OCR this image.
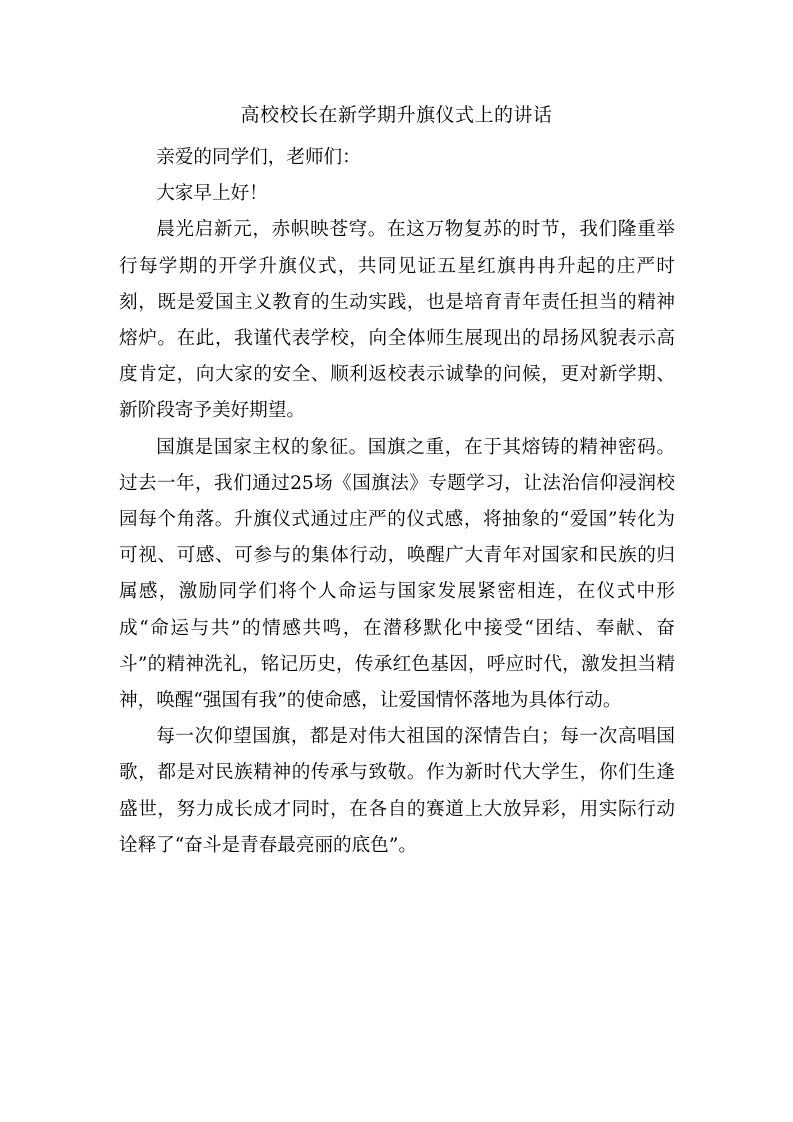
高校校长在新学期升旗仪式上的讲话

亲爱的同学们，老师们：

大家早上好！

晨光启新元，赤帜映苍穹。在这万物复苏的时节，我们隆重举行每学期的开学升旗仪式，共同见证五星红旗冉冉升起的庄严时刻，既是爱国主义教育的生动实践，也是培育青年责任担当的精神熔炉。在此，我谨代表学校，向全体师生展现出的昂扬风貌表示高度肯定，向大家的安全、顺利返校表示诚挚的问候，更对新学期、新阶段寄予美好期望。

国旗是国家主权的象征。国旗之重，在于其熔铸的精神密码。过去一年，我们通过25场《国旗法》专题学习，让法治信仰浸润校园每个角落。升旗仪式通过庄严的仪式感，将抽象的“爱国”转化为可视、可感、可参与的集体行动，唤醒广大青年对国家和民族的归属感，激励同学们将个人命运与国家发展紧密相连，在仪式中形成“命运与共”的情感共鸣，在潜移默化中接受“团结、奉献、奋斗”的精神洗礼，铭记历史，传承红色基因，呼应时代，激发担当精神，唤醒“强国有我”的使命感，让爱国情怀落地为具体行动。

每一次仰望国旗，都是对伟大祖国的深情告白；每一次高唱国歌，都是对民族精神的传承与致敬。作为新时代大学生，你们生逢盛世，努力成长成才同时，在各自的赛道上大放异彩，用实际行动诠释了“奋斗是青春最亮丽的底色”。
